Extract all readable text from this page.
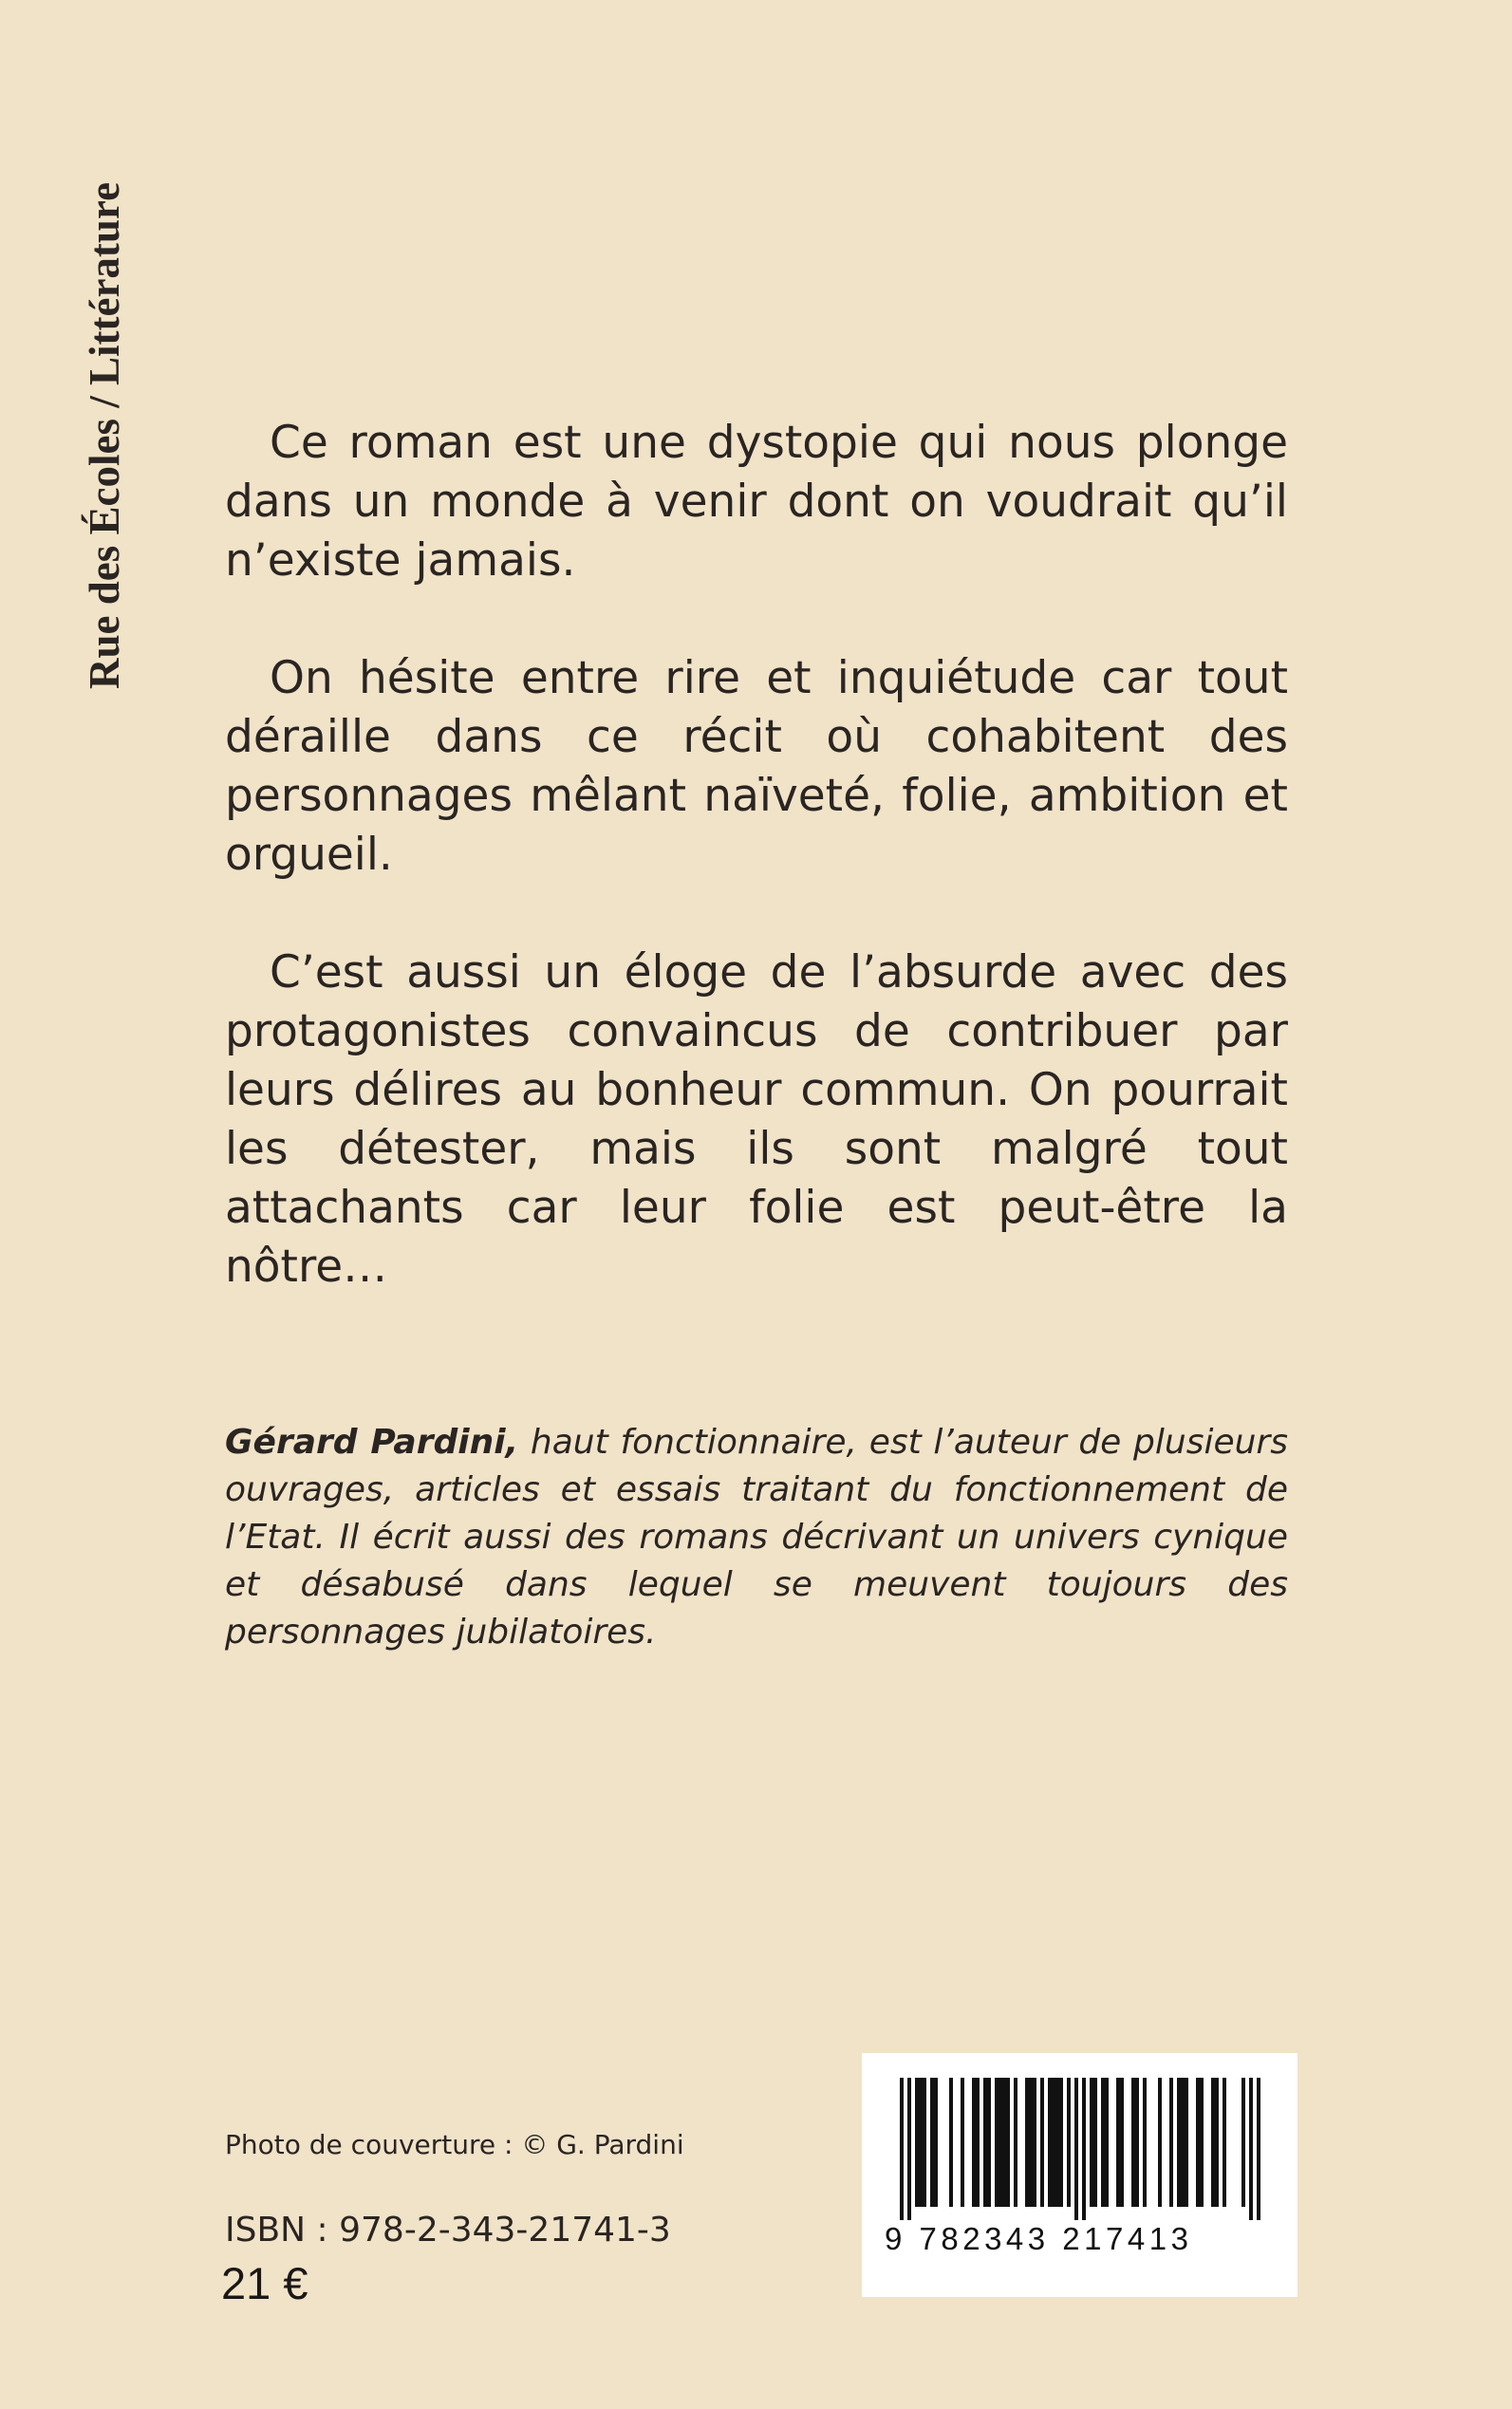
Rue des Écoles / Littérature	Ce roman est une dystopie qui nous plonge dans un monde à venir dont on voudrait qu’il n’existe jamais.

On hésite entre rire et inquiétude car tout déraille dans ce récit où cohabitent des personnages mêlant naïveté, folie, ambition et orgueil.

C’est aussi un éloge de l’absurde avec des protagonistes convaincus de contribuer par leurs délires au bonheur commun. On pourrait les détester, mais ils sont malgré tout attachants car leur folie est peut-être la nôtre…

Gérard Pardini, haut fonctionnaire, est l’auteur de plusieurs ouvrages, articles et essais traitant du fonctionnement de l’Etat. Il écrit aussi des romans décrivant un univers cynique et désabusé dans lequel se meuvent toujours des personnages jubilatoires.
Photo de couverture : © G. Pardini
ISBN : 978-2-343-21741-3
21 €
9 782343 217413
